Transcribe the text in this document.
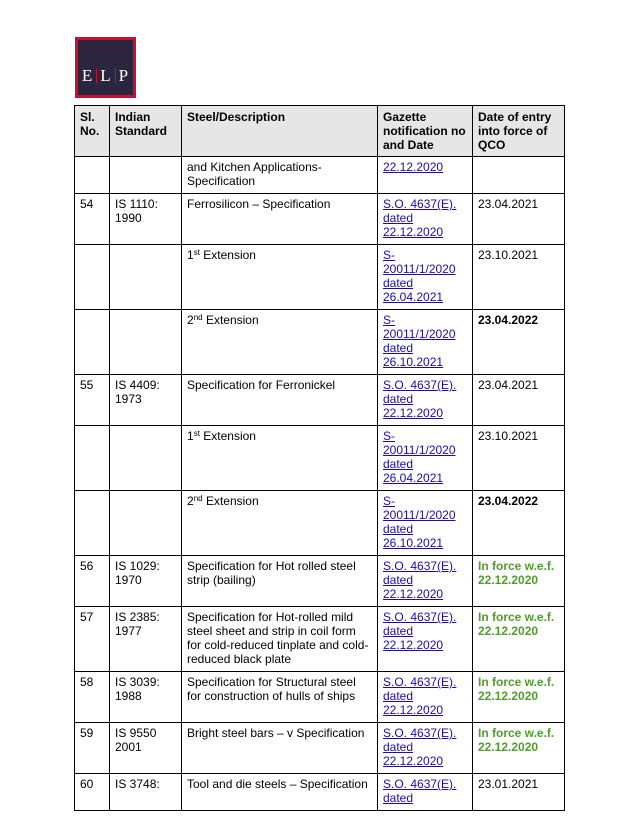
E L P
Sl. No.	Indian Standard	Steel/Description	Gazette notification no and Date	Date of entry into force of QCO
		and Kitchen Applications-Specification	22.12.2020	
54	IS 1110: 1990	Ferrosilicon – Specification	S.O. 4637(E). dated 22.12.2020	23.04.2021
		1st Extension	S-20011/1/2020 dated 26.04.2021	23.10.2021
		2nd Extension	S-20011/1/2020 dated 26.10.2021	23.04.2022
55	IS 4409: 1973	Specification for Ferronickel	S.O. 4637(E). dated 22.12.2020	23.04.2021
		1st Extension	S-20011/1/2020 dated 26.04.2021	23.10.2021
		2nd Extension	S-20011/1/2020 dated 26.10.2021	23.04.2022
56	IS 1029: 1970	Specification for Hot rolled steel strip (bailing)	S.O. 4637(E). dated 22.12.2020	In force w.e.f. 22.12.2020
57	IS 2385: 1977	Specification for Hot-rolled mild steel sheet and strip in coil form for cold-reduced tinplate and cold-reduced black plate	S.O. 4637(E). dated 22.12.2020	In force w.e.f. 22.12.2020
58	IS 3039: 1988	Specification for Structural steel for construction of hulls of ships	S.O. 4637(E). dated 22.12.2020	In force w.e.f. 22.12.2020
59	IS 9550 2001	Bright steel bars – v Specification	S.O. 4637(E). dated 22.12.2020	In force w.e.f. 22.12.2020
60	IS 3748:	Tool and die steels – Specification	S.O. 4637(E). dated	23.01.2021
